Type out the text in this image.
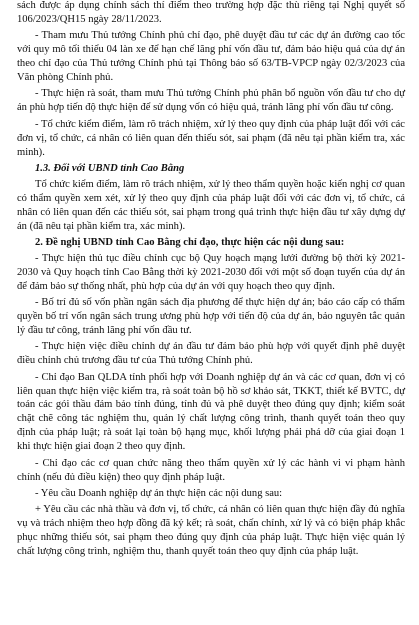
sách được áp dụng chính sách thí điểm theo trường hợp đặc thù riêng tại Nghị quyết số 106/2023/QH15 ngày 28/11/2023.
- Tham mưu Thủ tướng Chính phủ chỉ đạo, phê duyệt đầu tư các dự án đường cao tốc với quy mô tối thiểu 04 làn xe để hạn chế lãng phí vốn đầu tư, đảm bảo hiệu quả của dự án theo chỉ đạo của Thủ tướng Chính phủ tại Thông báo số 63/TB-VPCP ngày 02/3/2023 của Văn phòng Chính phủ.
- Thực hiện rà soát, tham mưu Thủ tướng Chính phủ phân bổ nguồn vốn đầu tư cho dự án phù hợp tiến độ thực hiện để sử dụng vốn có hiệu quả, tránh lãng phí vốn đầu tư công.
- Tổ chức kiểm điểm, làm rõ trách nhiệm, xử lý theo quy định của pháp luật đối với các đơn vị, tổ chức, cá nhân có liên quan đến thiếu sót, sai phạm (đã nêu tại phần kiểm tra, xác minh).
1.3. Đối với UBND tỉnh Cao Bằng
Tổ chức kiểm điểm, làm rõ trách nhiệm, xử lý theo thẩm quyền hoặc kiến nghị cơ quan có thẩm quyền xem xét, xử lý theo quy định của pháp luật đối với các đơn vị, tổ chức, cá nhân có liên quan đến các thiếu sót, sai phạm trong quá trình thực hiện đầu tư xây dựng dự án (đã nêu tại phần kiểm tra, xác minh).
2. Đề nghị UBND tỉnh Cao Bằng chỉ đạo, thực hiện các nội dung sau:
- Thực hiện thủ tục điều chỉnh cục bộ Quy hoạch mạng lưới đường bộ thời kỳ 2021-2030 và Quy hoạch tỉnh Cao Bằng thời kỳ 2021-2030 đối với một số đoạn tuyến của dự án để đảm bảo sự thống nhất, phù hợp của dự án với quy hoạch theo quy định.
- Bố trí đủ số vốn phần ngân sách địa phương để thực hiện dự án; báo cáo cấp có thẩm quyền bố trí vốn ngân sách trung ương phù hợp với tiến độ của dự án, bảo nguyên tắc quản lý đầu tư công, tránh lãng phí vốn đầu tư.
- Thực hiện việc điều chỉnh dự án đầu tư đảm bảo phù hợp với quyết định phê duyệt điều chỉnh chủ trương đầu tư của Thủ tướng Chính phủ.
- Chỉ đạo Ban QLDA tỉnh phối hợp với Doanh nghiệp dự án và các cơ quan, đơn vị có liên quan thực hiện việc kiểm tra, rà soát toàn bộ hồ sơ khảo sát, TKKT, thiết kế BVTC, dự toán các gói thầu đảm bảo tính đúng, tính đủ và phê duyệt theo đúng quy định; kiểm soát chặt chẽ công tác nghiệm thu, quản lý chất lượng công trình, thanh quyết toán theo quy định của pháp luật; rà soát lại toàn bộ hạng mục, khối lượng phải phá dỡ của giai đoạn 1 khi thực hiện giai đoạn 2 theo quy định.
- Chỉ đạo các cơ quan chức năng theo thẩm quyền xử lý các hành vi vi phạm hành chính (nếu đủ điều kiện) theo quy định pháp luật.
- Yêu cầu Doanh nghiệp dự án thực hiện các nội dung sau:
+ Yêu cầu các nhà thầu và đơn vị, tổ chức, cá nhân có liên quan thực hiện đầy đủ nghĩa vụ và trách nhiệm theo hợp đồng đã ký kết; rà soát, chấn chỉnh, xử lý và có biện pháp khắc phục những thiếu sót, sai phạm theo đúng quy định của pháp luật. Thực hiện việc quản lý chất lượng công trình, nghiệm thu, thanh quyết toán theo quy định của pháp luật.
